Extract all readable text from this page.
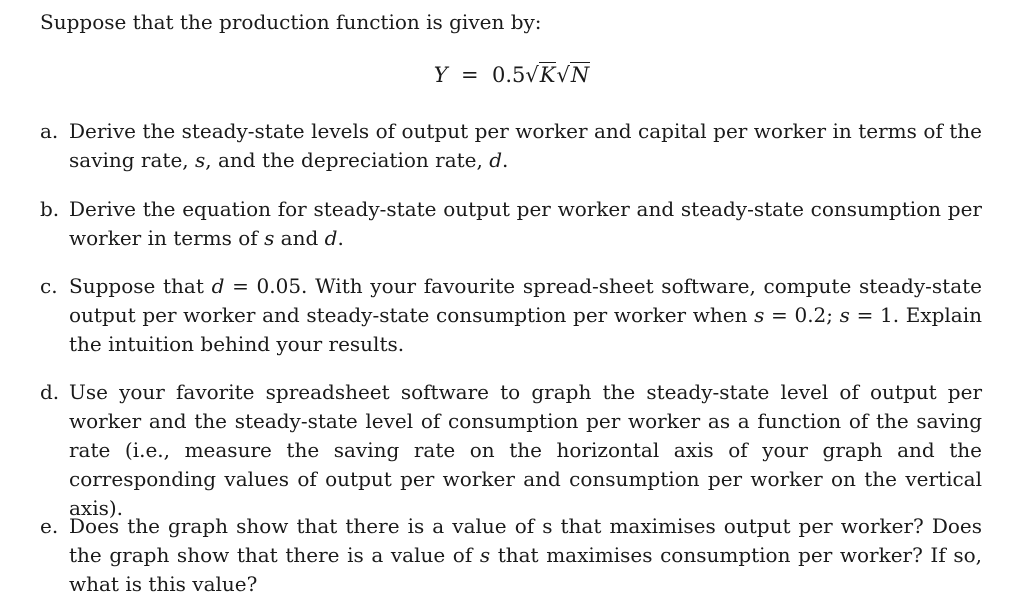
Suppose that the production function is given by:
Y = 0.5√K√N
a. Derive the steady-state levels of output per worker and capital per worker in terms of the saving rate, s, and the depreciation rate, d.
b. Derive the equation for steady-state output per worker and steady-state consumption per worker in terms of s and d.
c. Suppose that d = 0.05. With your favourite spread-sheet software, compute steady-state output per worker and steady-state consumption per worker when s = 0.2; s = 1. Explain the intuition behind your results.
d. Use your favorite spreadsheet software to graph the steady-state level of output per worker and the steady-state level of consumption per worker as a function of the saving rate (i.e., measure the saving rate on the horizontal axis of your graph and the corresponding values of output per worker and consumption per worker on the vertical axis).
e. Does the graph show that there is a value of s that maximises output per worker? Does the graph show that there is a value of s that maximises consumption per worker? If so, what is this value?
